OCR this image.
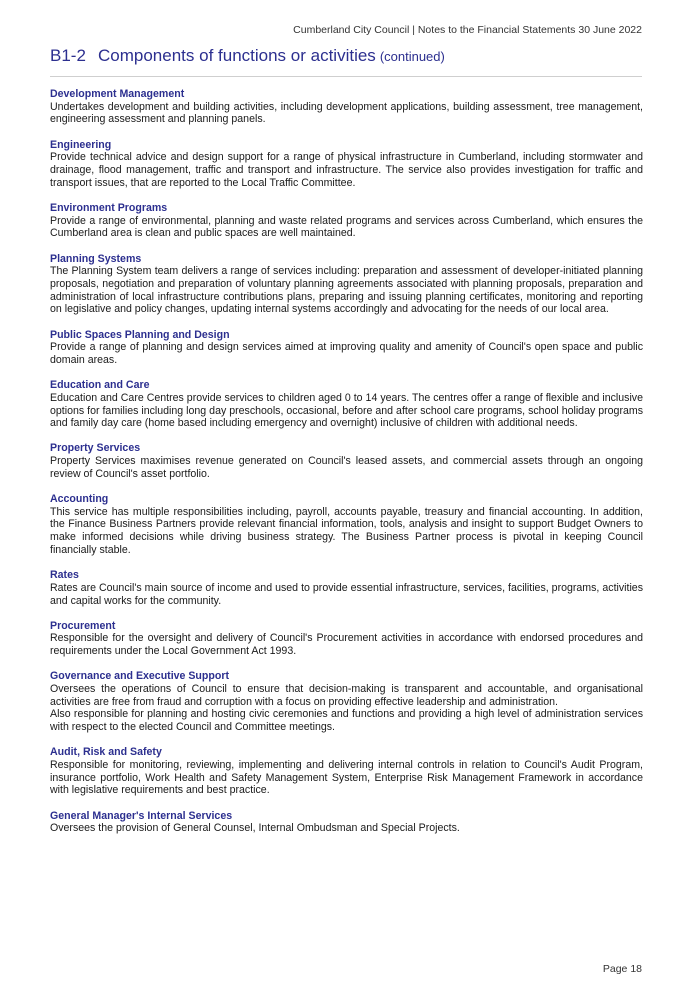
Cumberland City Council | Notes to the Financial Statements 30 June 2022
B1-2 Components of functions or activities (continued)
Development Management

Undertakes development and building activities, including development applications, building assessment, tree management, engineering assessment and planning panels.

Engineering

Provide technical advice and design support for a range of physical infrastructure in Cumberland, including stormwater and drainage, flood management, traffic and transport and infrastructure. The service also provides investigation for traffic and transport issues, that are reported to the Local Traffic Committee.

Environment Programs

Provide a range of environmental, planning and waste related programs and services across Cumberland, which ensures the Cumberland area is clean and public spaces are well maintained.

Planning Systems

The Planning System team delivers a range of services including: preparation and assessment of developer-initiated planning proposals, negotiation and preparation of voluntary planning agreements associated with planning proposals, preparation and administration of local infrastructure contributions plans, preparing and issuing planning certificates, monitoring and reporting on legislative and policy changes, updating internal systems accordingly and advocating for the needs of our local area.

Public Spaces Planning and Design

Provide a range of planning and design services aimed at improving quality and amenity of Council's open space and public domain areas.

Education and Care

Education and Care Centres provide services to children aged 0 to 14 years. The centres offer a range of flexible and inclusive options for families including long day preschools, occasional, before and after school care programs, school holiday programs and family day care (home based including emergency and overnight) inclusive of children with additional needs.

Property Services

Property Services maximises revenue generated on Council's leased assets, and commercial assets through an ongoing review of Council's asset portfolio.

Accounting

This service has multiple responsibilities including, payroll, accounts payable, treasury and financial accounting. In addition, the Finance Business Partners provide relevant financial information, tools, analysis and insight to support Budget Owners to make informed decisions while driving business strategy. The Business Partner process is pivotal in keeping Council financially stable.

Rates

Rates are Council's main source of income and used to provide essential infrastructure, services, facilities, programs, activities and capital works for the community.

Procurement

Responsible for the oversight and delivery of Council's Procurement activities in accordance with endorsed procedures and requirements under the Local Government Act 1993.

Governance and Executive Support

Oversees the operations of Council to ensure that decision-making is transparent and accountable, and organisational activities are free from fraud and corruption with a focus on providing effective leadership and administration.

Also responsible for planning and hosting civic ceremonies and functions and providing a high level of administration services with respect to the elected Council and Committee meetings.

Audit, Risk and Safety

Responsible for monitoring, reviewing, implementing and delivering internal controls in relation to Council's Audit Program, insurance portfolio, Work Health and Safety Management System, Enterprise Risk Management Framework in accordance with legislative requirements and best practice.

General Manager's Internal Services

Oversees the provision of General Counsel, Internal Ombudsman and Special Projects.

Page 18
